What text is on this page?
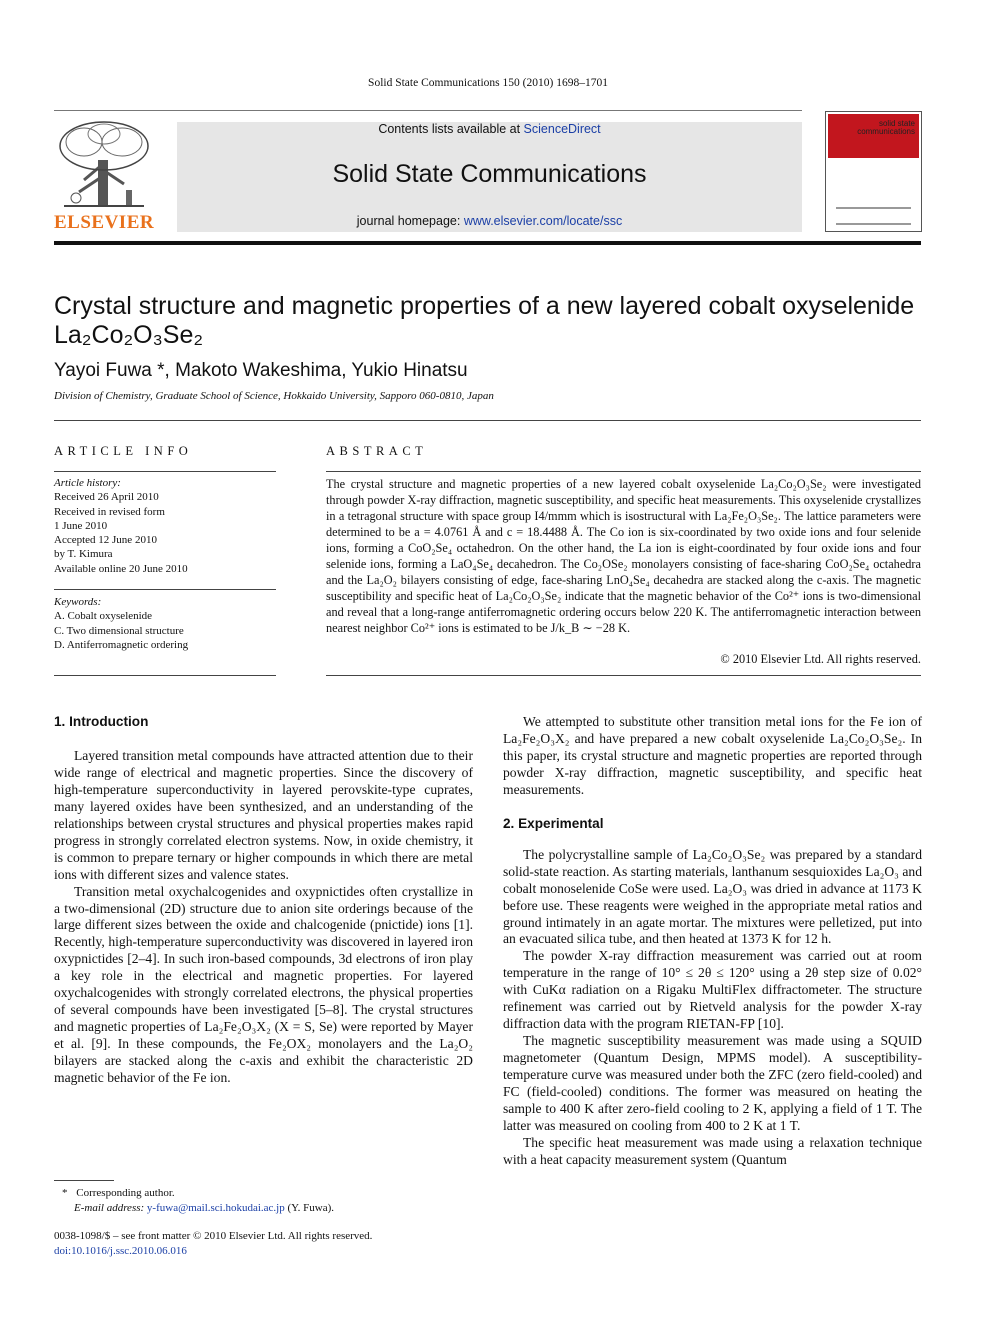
Solid State Communications 150 (2010) 1698–1701
ELSEVIER
Contents lists available at ScienceDirect
Solid State Communications
journal homepage: www.elsevier.com/locate/ssc
solid state communications
Crystal structure and magnetic properties of a new layered cobalt oxyselenide
La₂Co₂O₃Se₂
Yayoi Fuwa *, Makoto Wakeshima, Yukio Hinatsu
Division of Chemistry, Graduate School of Science, Hokkaido University, Sapporo 060-0810, Japan
ARTICLE INFO
Article history:
Received 26 April 2010
Received in revised form
1 June 2010
Accepted 12 June 2010
by T. Kimura
Available online 20 June 2010
Keywords:
A. Cobalt oxyselenide
C. Two dimensional structure
D. Antiferromagnetic ordering
ABSTRACT
The crystal structure and magnetic properties of a new layered cobalt oxyselenide La₂Co₂O₃Se₂ were investigated through powder X-ray diffraction, magnetic susceptibility, and specific heat measurements. This oxyselenide crystallizes in a tetragonal structure with space group I4/mmm which is isostructural with La₂Fe₂O₃Se₂. The lattice parameters were determined to be a = 4.0761 Å and c = 18.4488 Å. The Co ion is six-coordinated by two oxide ions and four selenide ions, forming a CoO₂Se₄ octahedron. On the other hand, the La ion is eight-coordinated by four oxide ions and four selenide ions, forming a LaO₄Se₄ decahedron. The Co₂OSe₂ monolayers consisting of face-sharing CoO₂Se₄ octahedra and the La₂O₂ bilayers consisting of edge, face-sharing LnO₄Se₄ decahedra are stacked along the c-axis. The magnetic susceptibility and specific heat of La₂Co₂O₃Se₂ indicate that the magnetic behavior of the Co²⁺ ions is two-dimensional and reveal that a long-range antiferromagnetic ordering occurs below 220 K. The antiferromagnetic interaction between nearest neighbor Co²⁺ ions is estimated to be J/k_B ∼ −28 K.
© 2010 Elsevier Ltd. All rights reserved.
1. Introduction

Layered transition metal compounds have attracted attention due to their wide range of electrical and magnetic properties. Since the discovery of high-temperature superconductivity in layered perovskite-type cuprates, many layered oxides have been synthesized, and an understanding of the relationships between crystal structures and physical properties makes rapid progress in strongly correlated electron systems. Now, in oxide chemistry, it is common to prepare ternary or higher compounds in which there are metal ions with different sizes and valence states.

Transition metal oxychalcogenides and oxypnictides often crystallize in a two-dimensional (2D) structure due to anion site orderings because of the large different sizes between the oxide and chalcogenide (pnictide) ions [1]. Recently, high-temperature superconductivity was discovered in layered iron oxypnictides [2–4]. In such iron-based compounds, 3d electrons of iron play a key role in the electrical and magnetic properties. For layered oxychalcogenides with strongly correlated electrons, the physical properties of several compounds have been investigated [5–8]. The crystal structures and magnetic properties of La₂Fe₂O₃X₂ (X = S, Se) were reported by Mayer et al. [9]. In these compounds, the Fe₂OX₂ monolayers and the La₂O₂ bilayers are stacked along the c-axis and exhibit the characteristic 2D magnetic behavior of the Fe ion.

We attempted to substitute other transition metal ions for the Fe ion of La₂Fe₂O₃X₂ and have prepared a new cobalt oxyselenide La₂Co₂O₃Se₂. In this paper, its crystal structure and magnetic properties are reported through powder X-ray diffraction, magnetic susceptibility, and specific heat measurements.

2. Experimental

The polycrystalline sample of La₂Co₂O₃Se₂ was prepared by a standard solid-state reaction. As starting materials, lanthanum sesquioxides La₂O₃ and cobalt monoselenide CoSe were used. La₂O₃ was dried in advance at 1173 K before use. These reagents were weighed in the appropriate metal ratios and ground intimately in an agate mortar. The mixtures were pelletized, put into an evacuated silica tube, and then heated at 1373 K for 12 h.

The powder X-ray diffraction measurement was carried out at room temperature in the range of 10° ≤ 2θ ≤ 120° using a 2θ step size of 0.02° with CuKα radiation on a Rigaku MultiFlex diffractometer. The structure refinement was carried out by Rietveld analysis for the powder X-ray diffraction data with the program RIETAN-FP [10].

The magnetic susceptibility measurement was made using a SQUID magnetometer (Quantum Design, MPMS model). A susceptibility-temperature curve was measured under both the ZFC (zero field-cooled) and FC (field-cooled) conditions. The former was measured on heating the sample to 400 K after zero-field cooling to 2 K, applying a field of 1 T. The latter was measured on cooling from 400 to 2 K at 1 T.

The specific heat measurement was made using a relaxation technique with a heat capacity measurement system (Quantum

* Corresponding author.
E-mail address: y-fuwa@mail.sci.hokudai.ac.jp (Y. Fuwa).
0038-1098/$ – see front matter © 2010 Elsevier Ltd. All rights reserved.
doi:10.1016/j.ssc.2010.06.016
